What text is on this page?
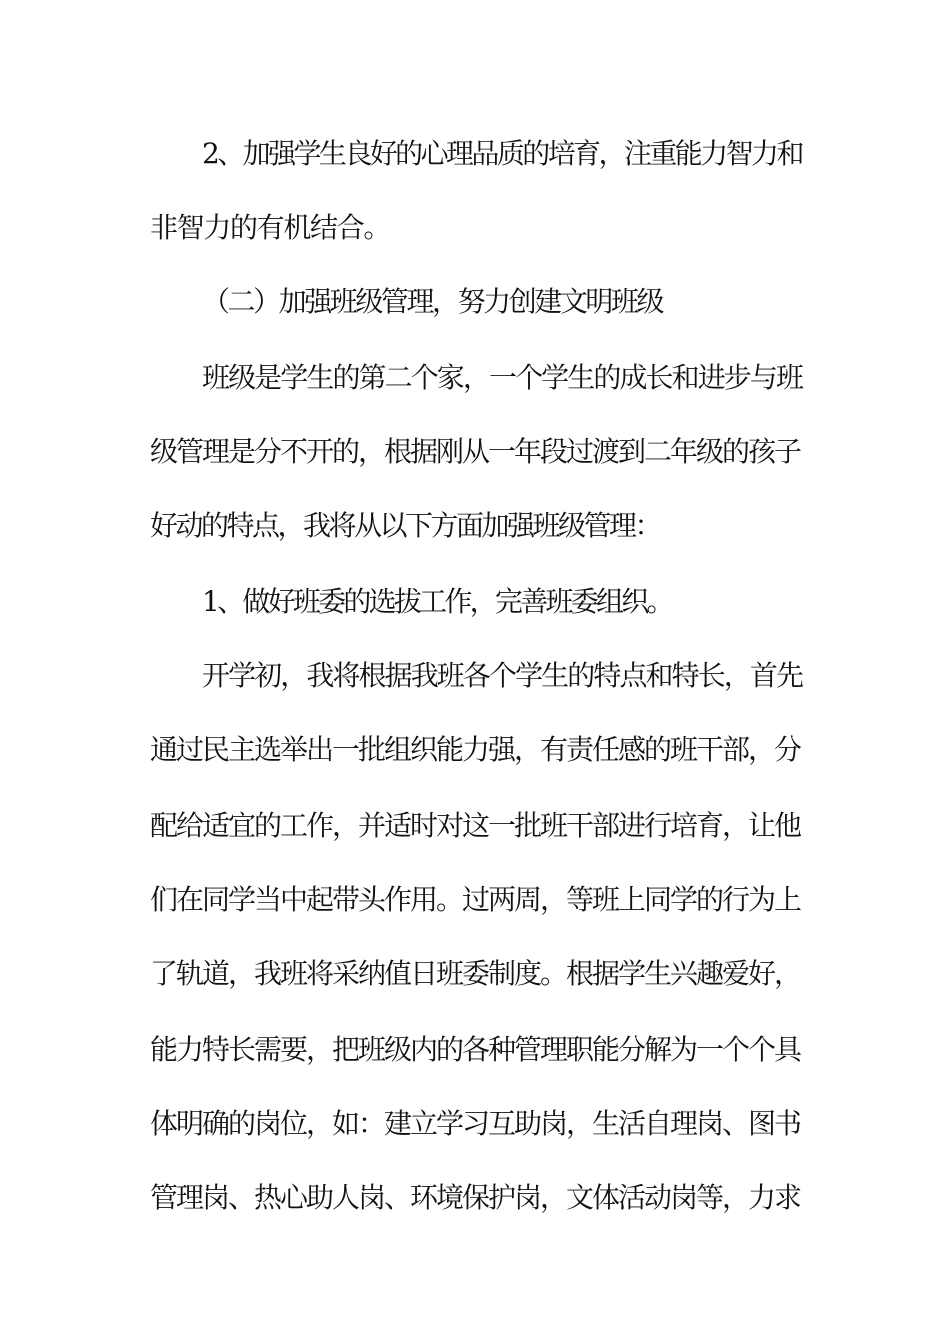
2、加强学生良好的心理品质的培育，注重能力智力和
非智力的有机结合。
（二）加强班级管理，努力创建文明班级
班级是学生的第二个家，一个学生的成长和进步与班
级管理是分不开的，根据刚从一年段过渡到二年级的孩子
好动的特点，我将从以下方面加强班级管理：
1、做好班委的选拔工作，完善班委组织。
开学初，我将根据我班各个学生的特点和特长，首先
通过民主选举出一批组织能力强，有责任感的班干部，分
配给适宜的工作，并适时对这一批班干部进行培育，让他
们在同学当中起带头作用。过两周，等班上同学的行为上
了轨道，我班将采纳值日班委制度。根据学生兴趣爱好，
能力特长需要，把班级内的各种管理职能分解为一个个具
体明确的岗位，如：建立学习互助岗，生活自理岗、图书
管理岗、热心助人岗、环境保护岗，文体活动岗等，力求
